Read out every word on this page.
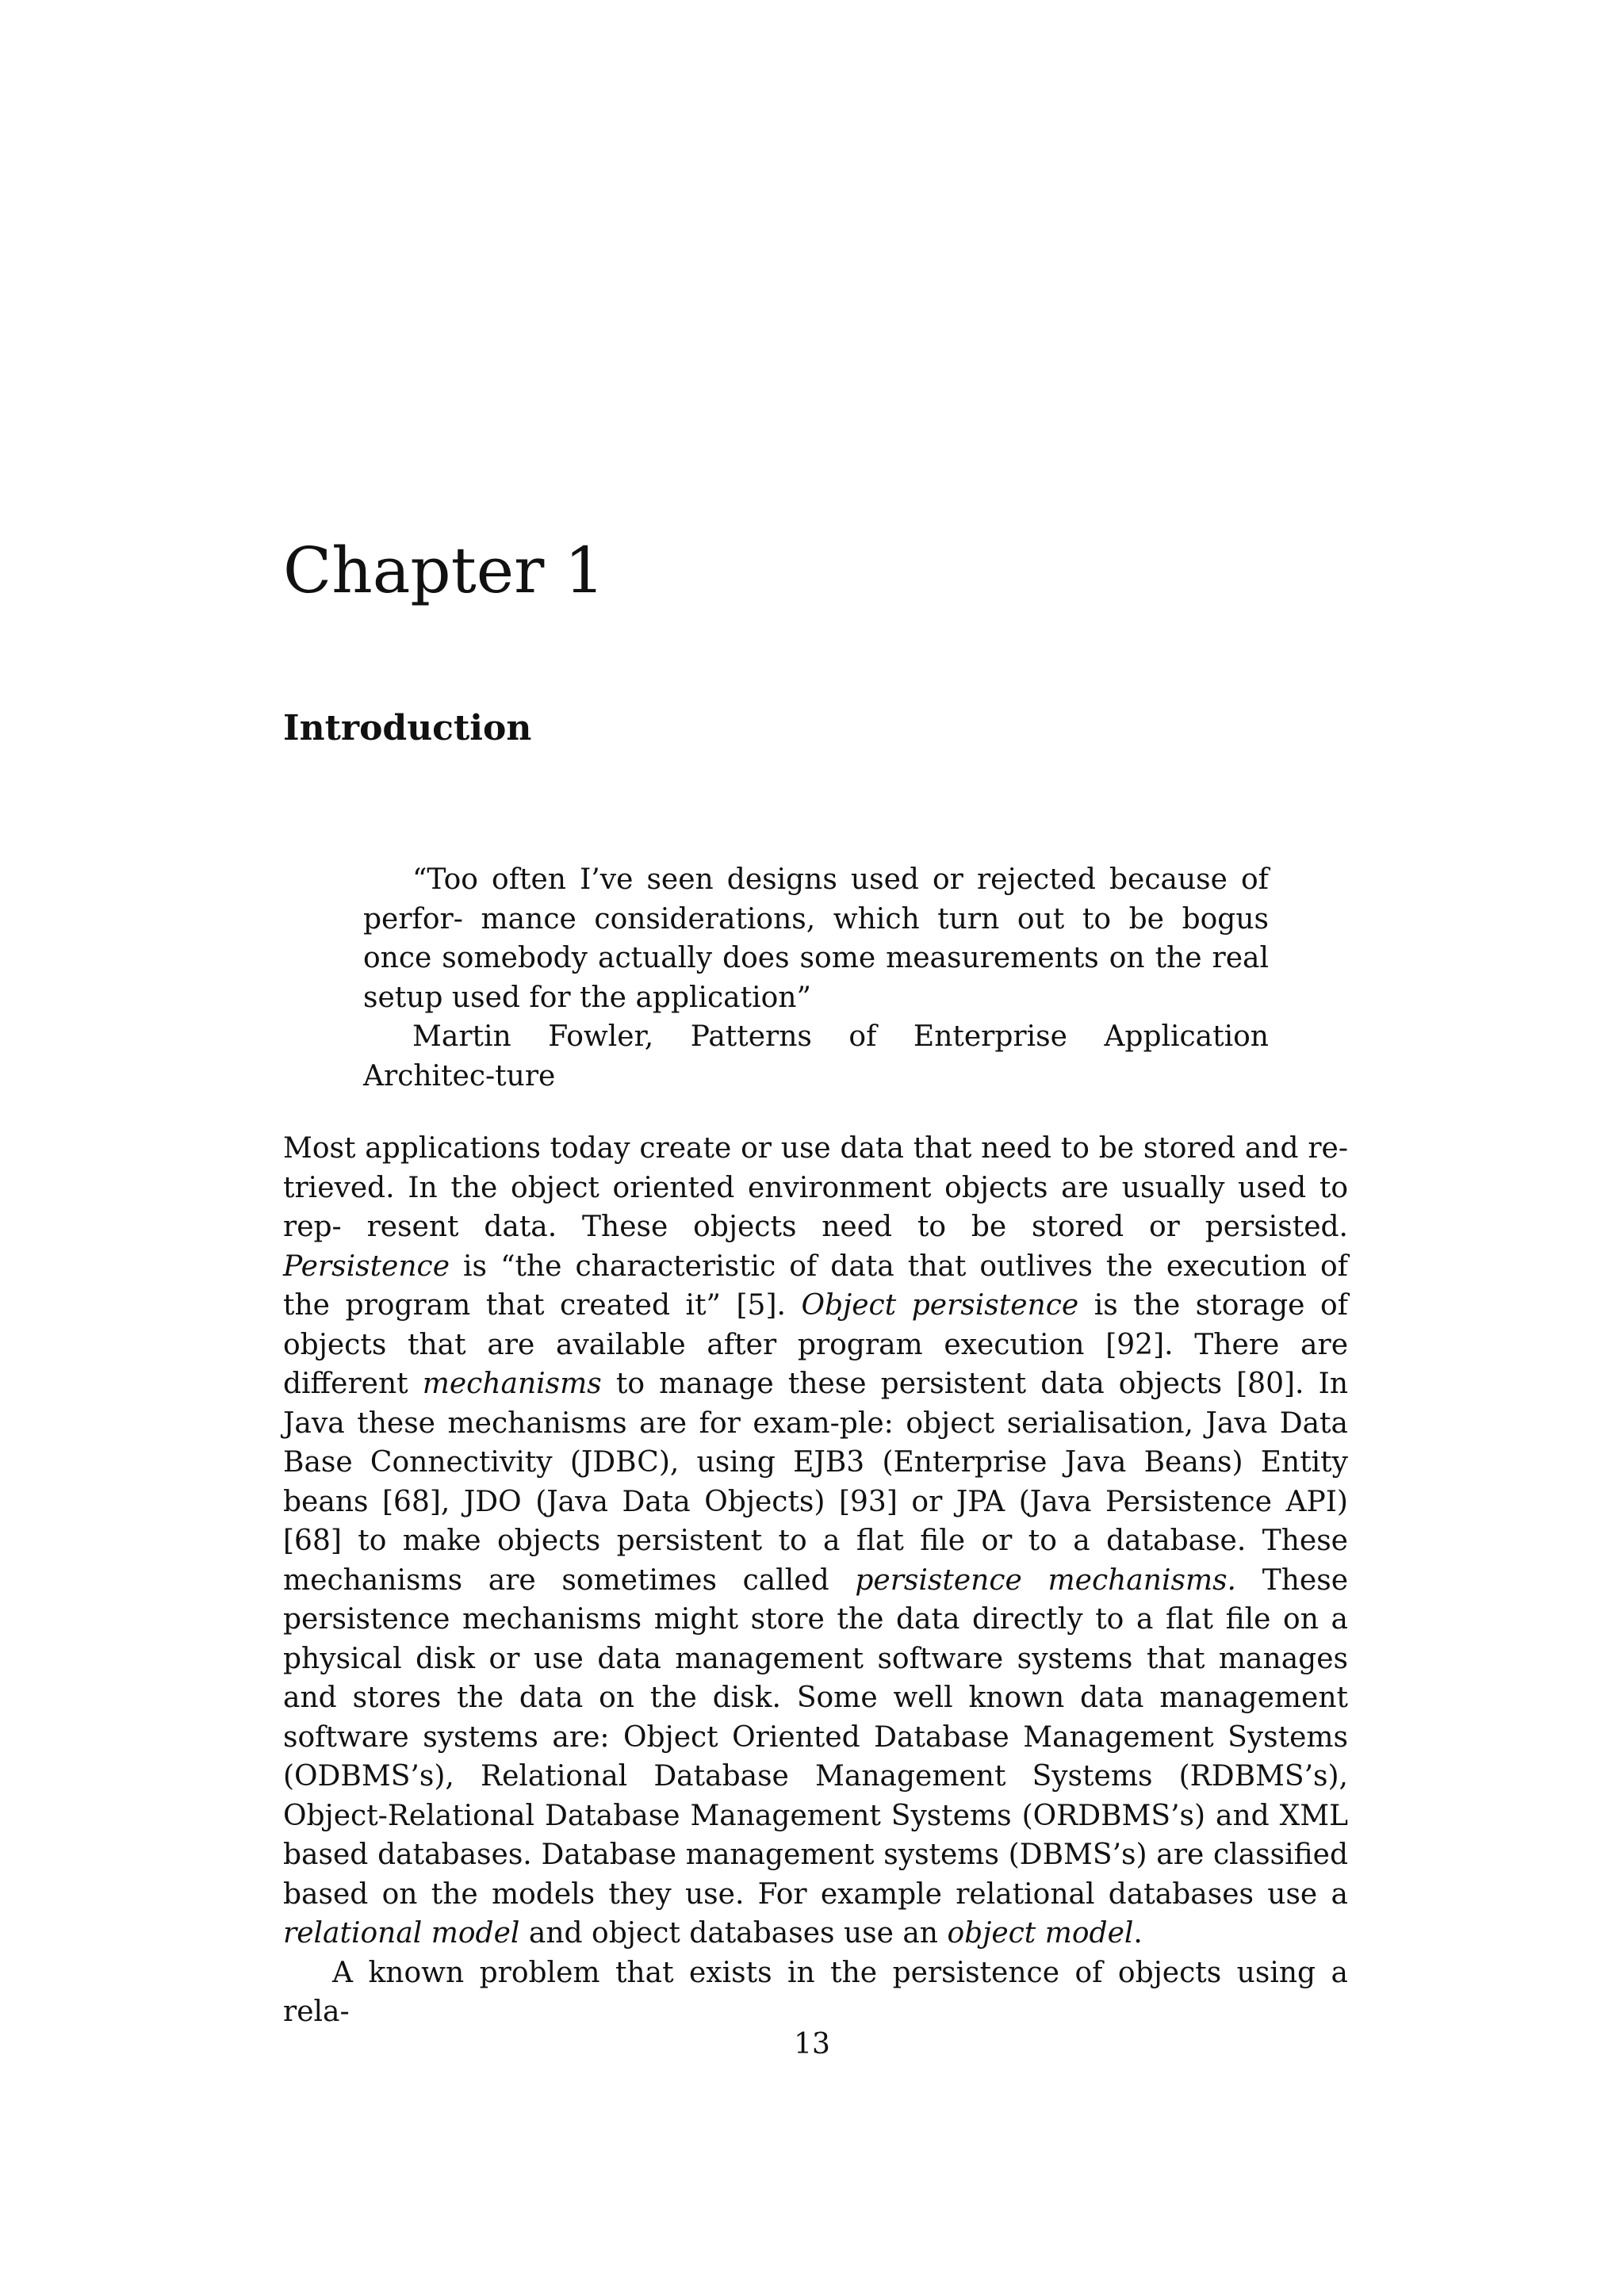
Chapter 1
Introduction

“Too often I’ve seen designs used or rejected because of perfor- mance considerations, which turn out to be bogus once somebody actually does some measurements on the real setup used for the application”

Martin Fowler, Patterns of Enterprise Application Architec-ture

Most applications today create or use data that need to be stored and re-trieved. In the object oriented environment objects are usually used to rep- resent data. These objects need to be stored or persisted. Persistence is “the characteristic of data that outlives the execution of the program that created it” [5]. Object persistence is the storage of objects that are available after program execution [92]. There are different mechanisms to manage these persistent data objects [80]. In Java these mechanisms are for exam-ple: object serialisation, Java Data Base Connectivity (JDBC), using EJB3 (Enterprise Java Beans) Entity beans [68], JDO (Java Data Objects) [93] or JPA (Java Persistence API) [68] to make objects persistent to a flat file or to a database. These mechanisms are sometimes called persistence mechanisms. These persistence mechanisms might store the data directly to a flat file on a physical disk or use data management software systems that manages and stores the data on the disk. Some well known data management software systems are: Object Oriented Database Management Systems (ODBMS’s), Relational Database Management Systems (RDBMS’s), Object-Relational Database Management Systems (ORDBMS’s) and XML based databases. Database management systems (DBMS’s) are classified based on the models they use. For example relational databases use a relational model and object databases use an object model.

A known problem that exists in the persistence of objects using a rela-

13
